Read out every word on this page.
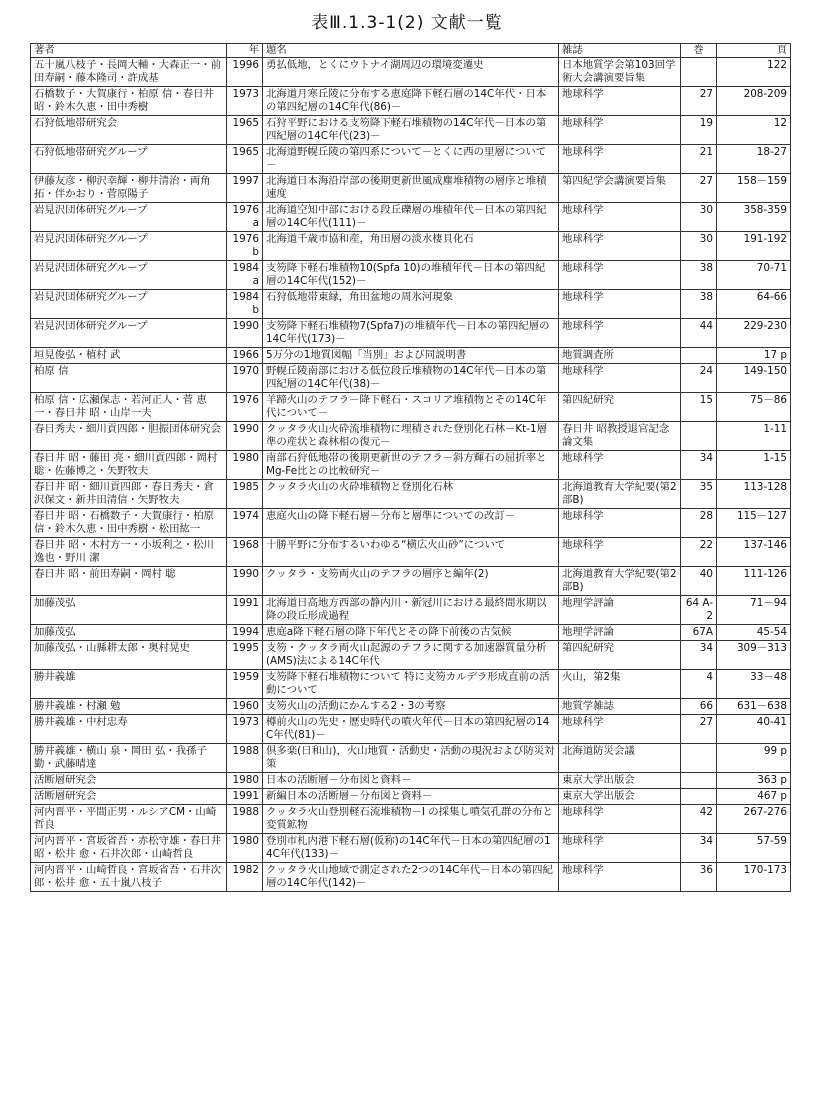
表Ⅲ.1.3-1(2) 文献一覧
著者	年	題名	雑誌	巻	頁
五十嵐八枝子・長岡大輔・大森正一・前田寿嗣・藤本隆司・許成基	1996	勇払低地，とくにウトナイ湖周辺の環境変遷史	日本地質学会第103回学術大会講演要旨集		122
石橋数子・大賀康行・柏原 信・春日井 昭・鈴木久恵・田中秀樹	1973	北海道月寒丘陵に分布する恵庭降下軽石層の14C年代・日本の第四紀層の14C年代(86)－	地球科学	27	208-209
石狩低地帯研究会	1965	石狩平野における支笏降下軽石堆積物の14C年代－日本の第四紀層の14C年代(23)－	地球科学	19	12
石狩低地帯研究グループ	1965	北海道野幌丘陵の第四系について－とくに西の里層について－	地球科学	21	18-27
伊藤友彦・柳沢幸輝・柳井清治・両角 拓・伴かおり・菅原陽子	1997	北海道日本海沿岸部の後期更新世風成塵堆積物の層序と堆積速度	第四紀学会講演要旨集	27	158－159
岩見沢団体研究グループ	1976a	北海道空知中部における段丘礫層の堆積年代－日本の第四紀層の14C年代(111)－	地球科学	30	358-359
岩見沢団体研究グループ	1976b	北海道千歳市協和産，角田層の淡水棲貝化石	地球科学	30	191-192
岩見沢団体研究グループ	1984a	支笏降下軽石堆積物10(Spfa 10)の堆積年代－日本の第四紀層の14C年代(152)－	地球科学	38	70-71
岩見沢団体研究グループ	1984b	石狩低地帯東縁，角田盆地の周氷河現象	地球科学	38	64-66
岩見沢団体研究グループ	1990	支笏降下軽石堆積物7(Spfa7)の堆積年代－日本の第四紀層の14C年代(173)－	地球科学	44	229-230
垣見俊弘・植村 武	1966	5万分の1地質図幅「当別」および同説明書	地質調査所		17 p
柏原 信	1970	野幌丘陵南部における低位段丘堆積物の14C年代－日本の第四紀層の14C年代(38)－	地球科学	24	149-150
柏原 信・広瀬保志・若河正人・菅 恵一・春日井 昭・山岸一夫	1976	羊蹄火山のテフラ－降下軽石・スコリア堆積物とその14C年代について－	第四紀研究	15	75－86
春日秀夫・細川貢四郎・胆振団体研究会	1990	クッタラ火山火砕流堆積物に埋積された登別化石林－Kt-1層準の産状と森林相の復元－	春日井 昭教授退官記念論文集		1-11
春日井 昭・藤田 亮・細川貢四郎・岡村 聡・佐藤博之・矢野牧夫	1980	南部石狩低地帯の後期更新世のテフラ－斜方輝石の屈折率とMg-Fe比との比較研究－	地球科学	34	1-15
春日井 昭・細川貢四郎・春日秀夫・倉沢保文・新井田清信・矢野牧夫	1985	クッタラ火山の火砕堆積物と登別化石林	北海道教育大学紀要(第2部B)	35	113-128
春日井 昭・石橋数子・大賀康行・柏原 信・鈴木久恵・田中秀樹・松田紘一	1974	恵庭火山の降下軽石層－分布と層準についての改訂－	地球科学	28	115－127
春日井 昭・木村方一・小坂利之・松川逸也・野川 潔	1968	十勝平野に分布するいわゆる“横広火山砂”について	地球科学	22	137-146
春日井 昭・前田寿嗣・岡村 聡	1990	クッタラ・支笏両火山のテフラの層序と編年(2)	北海道教育大学紀要(第2部B)	40	111-126
加藤茂弘	1991	北海道日高地方西部の静内川・新冠川における最終間氷期以降の段丘形成過程	地理学評論	64 A-2	71－94
加藤茂弘	1994	恵庭a降下軽石層の降下年代とその降下前後の古気候	地理学評論	67A	45-54
加藤茂弘・山縣耕太郎・奥村晃史	1995	支笏・クッタラ両火山起源のテフラに関する加速器質量分析(AMS)法による14C年代	第四紀研究	34	309－313
勝井義雄	1959	支笏降下軽石堆積物について 特に支笏カルデラ形成直前の活動について	火山，第2集	4	33－48
勝井義雄・村瀬 勉	1960	支笏火山の活動にかんする2・3の考察	地質学雑誌	66	631－638
勝井義雄・中村忠寿	1973	樽前火山の先史・歴史時代の噴火年代－日本の第四紀層の14C年代(81)－	地球科学	27	40-41
勝井義雄・横山 泉・岡田 弘・我孫子 勤・武藤晴達	1988	倶多楽(日和山)，火山地質・活動史・活動の現況および防災対策	北海道防災会議		99 p
活断層研究会	1980	日本の活断層－分布図と資料－	東京大学出版会		363 p
活断層研究会	1991	新編日本の活断層－分布図と資料－	東京大学出版会		467 p
河内晋平・平間正男・ルシアCM・山崎哲良	1988	クッタラ火山登別軽石流堆積物－I の採集し噴気孔群の分布と変質鉱物	地球科学	42	267-276
河内晋平・宮坂省吾・赤松守雄・春日井 昭・松井 愈・石井次郎・山崎哲良	1980	登別市札内港下軽石層(仮称)の14C年代－日本の第四紀層の14C年代(133)－	地球科学	34	57-59
河内晋平・山崎哲良・宮坂省吾・石井次郎・松井 愈・五十嵐八枝子	1982	クッタラ火山地域で測定された2つの14C年代－日本の第四紀層の14C年代(142)－	地球科学	36	170-173
